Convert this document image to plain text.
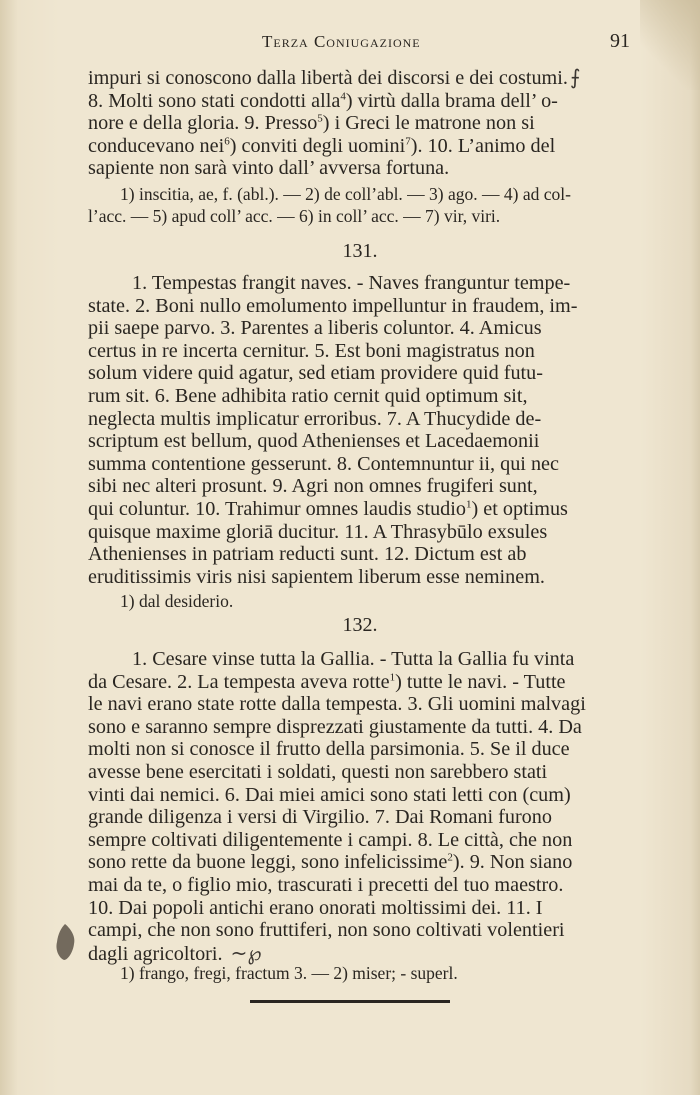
Terza Coniugazione	91

impuri si conoscono dalla libertà dei discorsi e dei costumi.⨍

8. Molti sono stati condotti alla$^4$) virtù dalla brama dell’ o-

nore e della gloria. 9. Presso$^5$) i Greci le matrone non si

conducevano nei$^6$) conviti degli uomini$^7$). 10. L’animo del

sapiente non sarà vinto dall’ avversa fortuna.

1) inscitia, ae, f. (abl.). — 2) de coll’abl. — 3) ago. — 4) ad col-

l’acc. — 5) apud coll’ acc. — 6) in coll’ acc. — 7) vir, viri.

131.

1. Tempestas frangit naves. - Naves franguntur tempe-

state. 2. Boni nullo emolumento impelluntur in fraudem, im-

pii saepe parvo. 3. Parentes a liberis coluntor. 4. Amicus

certus in re incerta cernitur. 5. Est boni magistratus non

solum videre quid agatur, sed etiam providere quid futu-

rum sit. 6. Bene adhibita ratio cernit quid optimum sit,

neglecta multis implicatur erroribus. 7. A Thucydide de-

scriptum est bellum, quod Athenienses et Lacedaemonii

summa contentione gesserunt. 8. Contemnuntur ii, qui nec

sibi nec alteri prosunt. 9. Agri non omnes frugiferi sunt,

qui coluntur. 10. Trahimur omnes laudis studio$^1$) et optimus

quisque maxime gloriā ducitur. 11. A Thrasybūlo exsules

Athenienses in patriam reducti sunt. 12. Dictum est ab

eruditissimis viris nisi sapientem liberum esse neminem.

1) dal desiderio.
132.

1. Cesare vinse tutta la Gallia. - Tutta la Gallia fu vinta

da Cesare. 2. La tempesta aveva rotte$^1$) tutte le navi. - Tutte

le navi erano state rotte dalla tempesta. 3. Gli uomini malvagi

sono e saranno sempre disprezzati giustamente da tutti. 4. Da

molti non si conosce il frutto della parsimonia. 5. Se il duce

avesse bene esercitati i soldati, questi non sarebbero stati

vinti dai nemici. 6. Dai miei amici sono stati letti con (cum)

grande diligenza i versi di Virgilio. 7. Dai Romani furono

sempre coltivati diligentemente i campi. 8. Le città, che non

sono rette da buone leggi, sono infelicissime$^2$). 9. Non siano

mai da te, o figlio mio, trascurati i precetti del tuo maestro.

10. Dai popoli antichi erano onorati moltissimi dei. 11. I

campi, che non sono fruttiferi, non sono coltivati volentieri

dagli agricoltori. ~℘

1) frango, fregi, fractum 3. — 2) miser; - superl.
